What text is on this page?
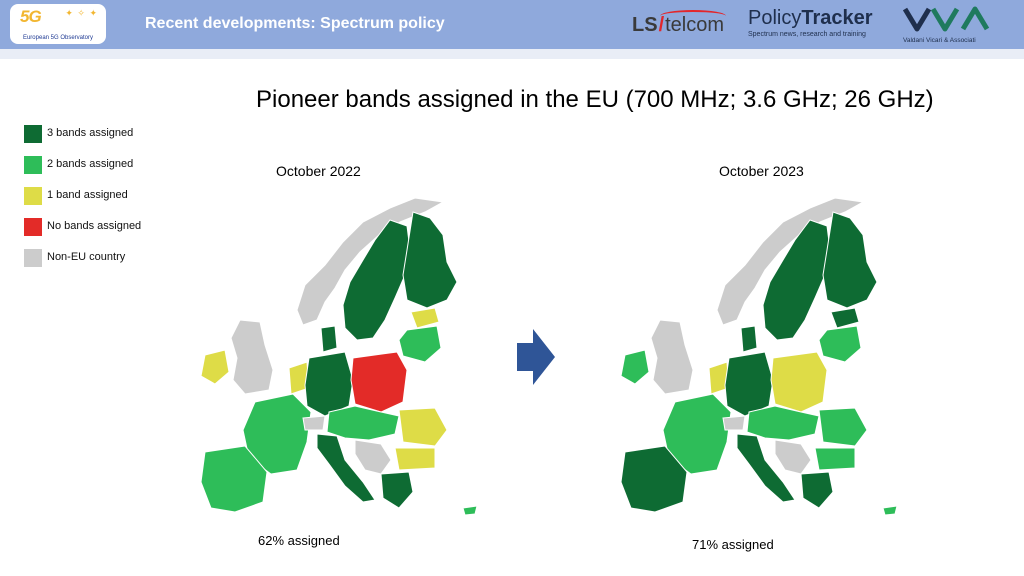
5G	✦ ✧ ✦
European 5G Observatory
Recent developments: Spectrum policy	LS/telcom PolicyTracker
Spectrum news, research and training
Valdani Vicari & Associati
Pioneer bands assigned in the EU (700 MHz; 3.6 GHz; 26 GHz)
3 bands assigned
2 bands assigned
1 band assigned
No bands assigned
Non-EU country
October 2022	October 2023
62% assigned	71% assigned
